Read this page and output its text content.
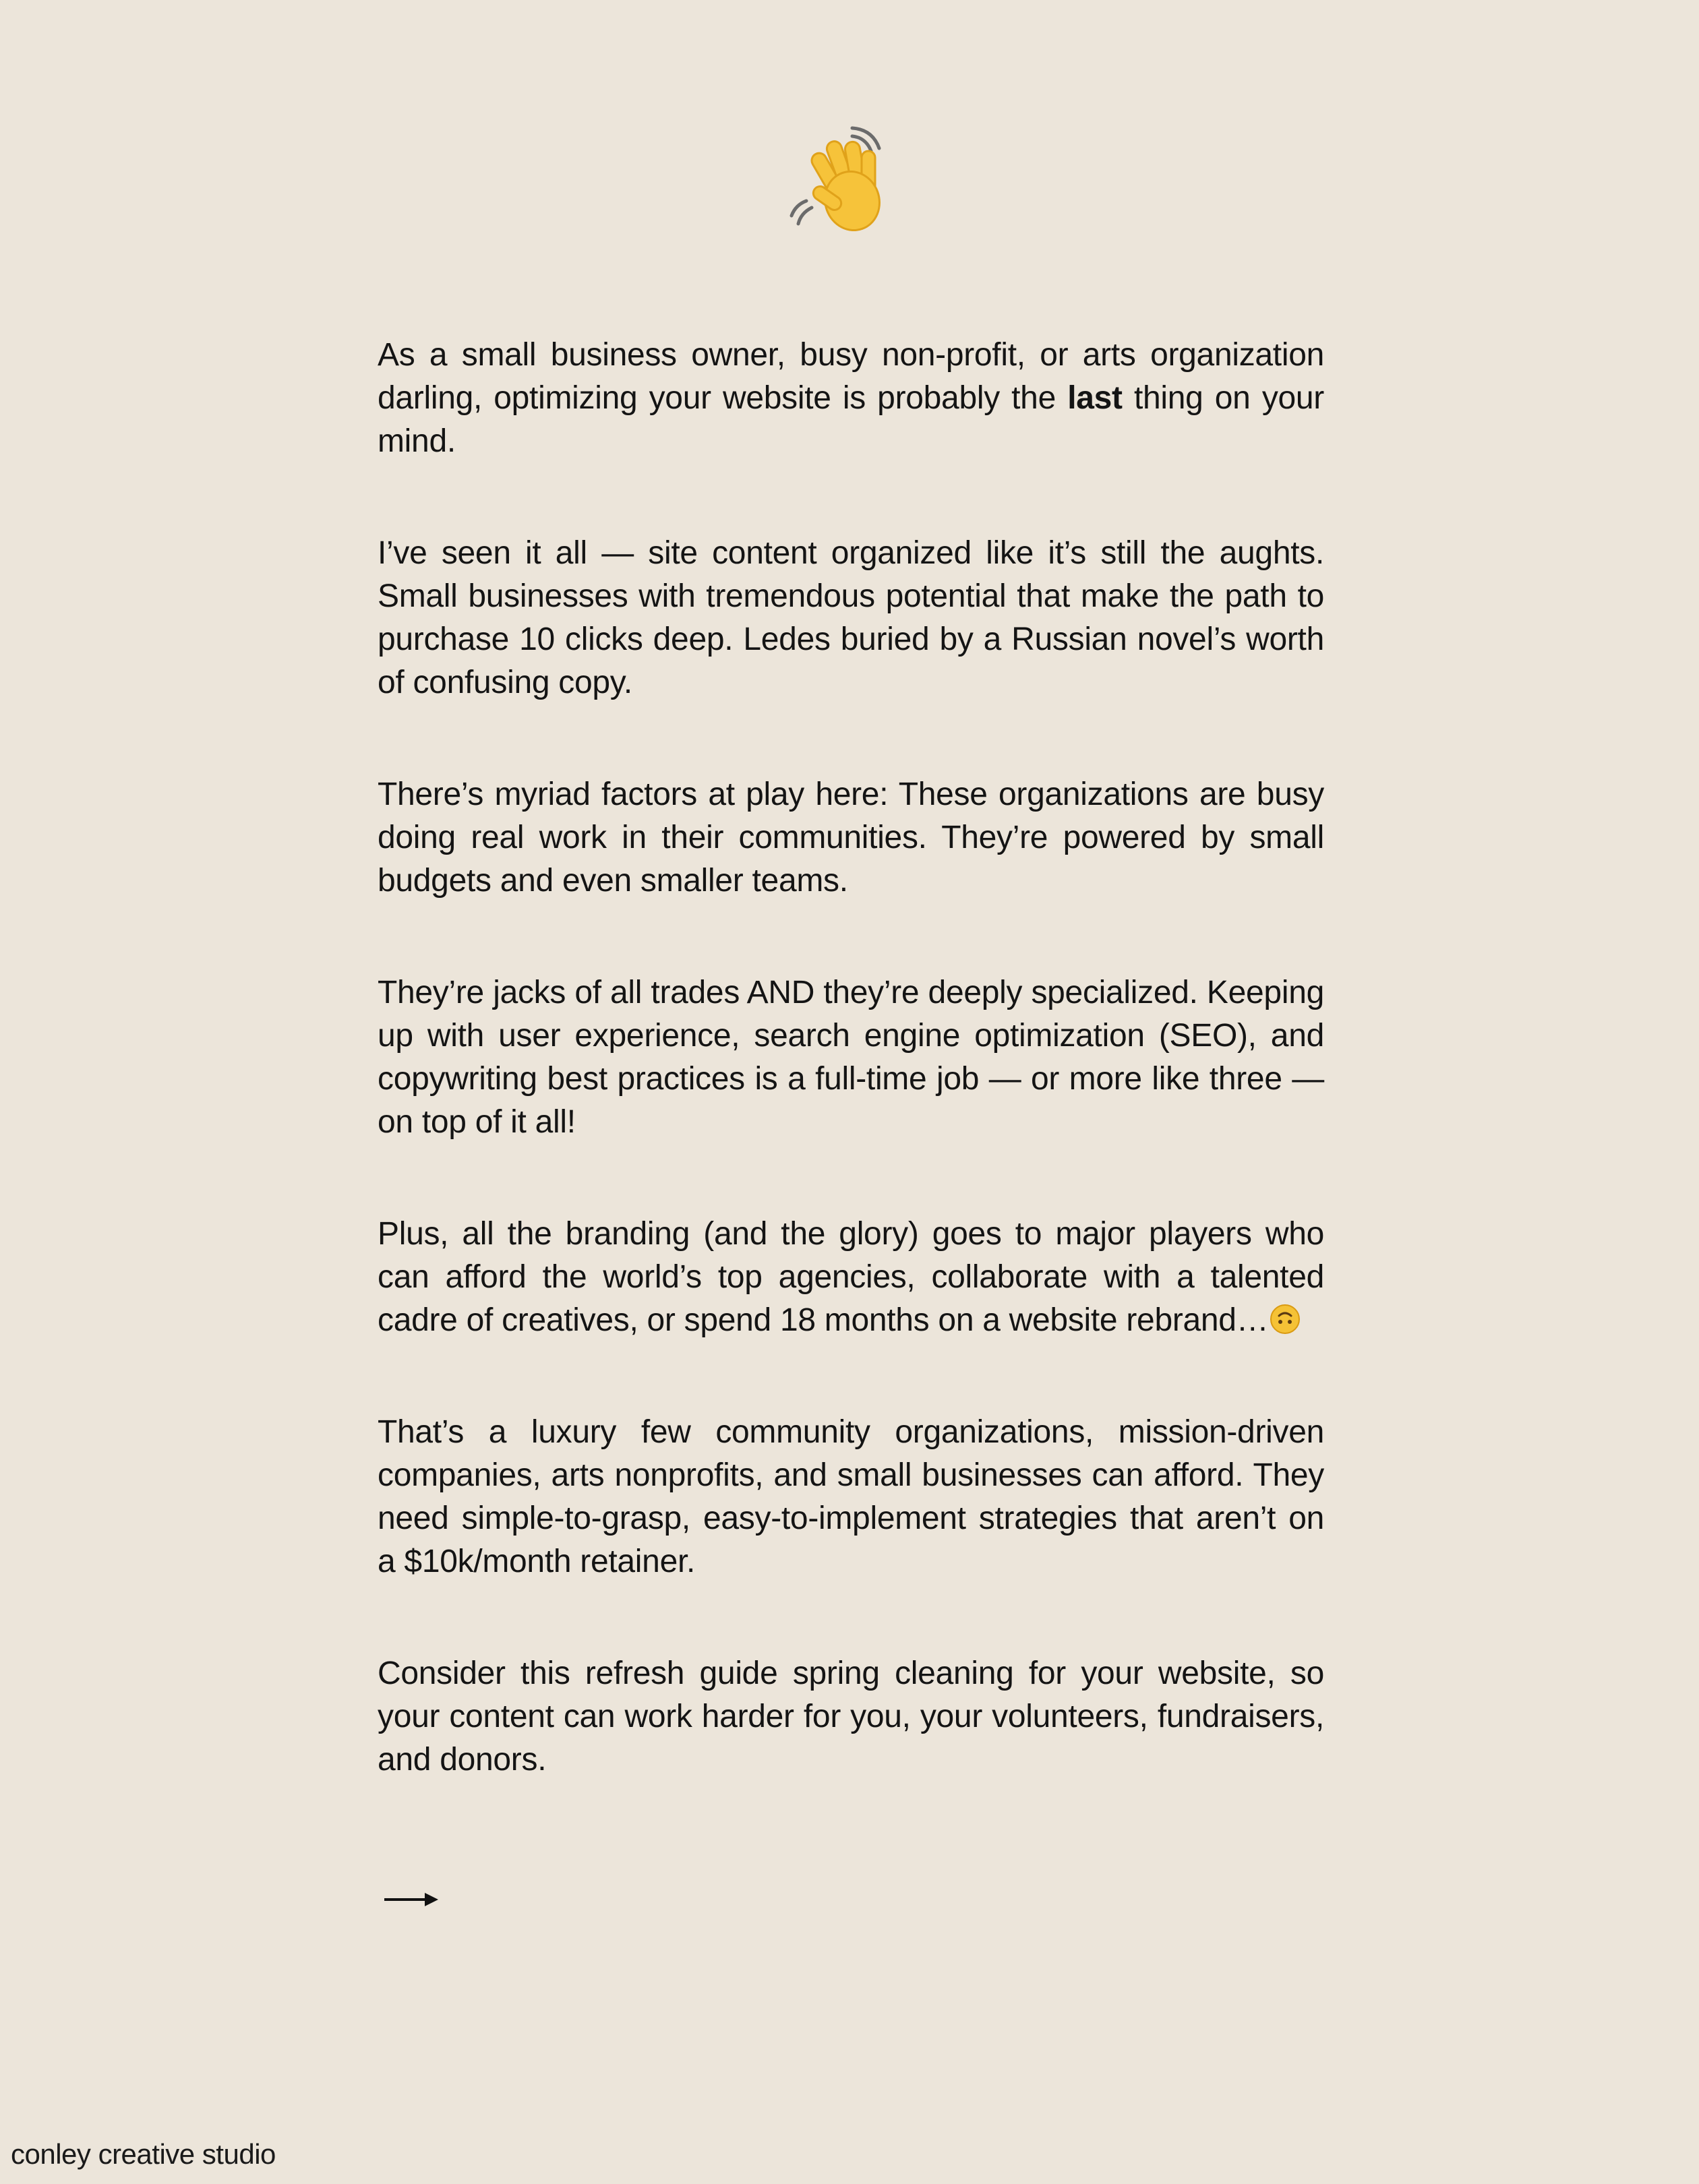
As a small business owner, busy non-profit, or arts organization darling, optimizing your website is probably the last thing on your mind.

I’ve seen it all — site content organized like it’s still the aughts. Small businesses with tremendous potential that make the path to purchase 10 clicks deep. Ledes buried by a Russian novel’s worth of confusing copy.

There’s myriad factors at play here: These organizations are busy doing real work in their communities. They’re powered by small budgets and even smaller teams.

They’re jacks of all trades AND they’re deeply specialized. Keeping up with user experience, search engine optimization (SEO), and copywriting best practices is a full-time job — or more like three — on top of it all!

Plus, all the branding (and the glory) goes to major players who can afford the world’s top agencies, collaborate with a talented cadre of creatives, or spend 18 months on a website rebrand…

That’s a luxury few community organizations, mission-driven companies, arts nonprofits, and small businesses can afford. They need simple-to-grasp, easy-to-implement strategies that aren’t on a $10k/month retainer.

Consider this refresh guide spring cleaning for your website, so your content can work harder for you, your volunteers, fundraisers, and donors.

conley creative studio
